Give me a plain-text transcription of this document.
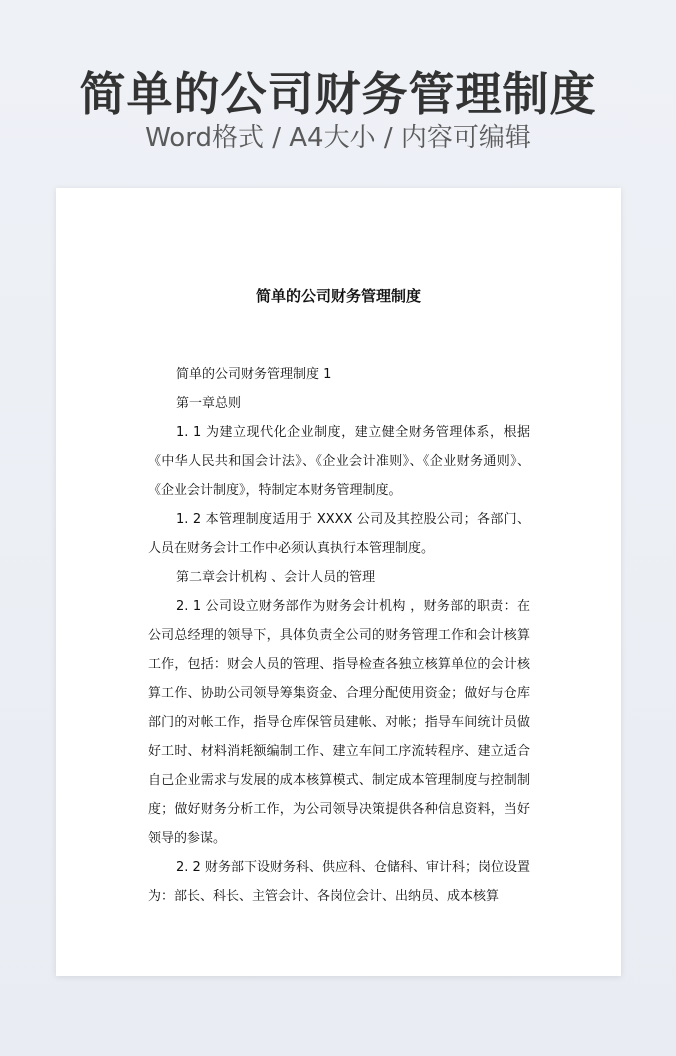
简单的公司财务管理制度
Word格式 / A4大小 / 内容可编辑
简单的公司财务管理制度

简单的公司财务管理制度 1

第一章总则

1. 1 为建立现代化企业制度，建立健全财务管理体系，根据《中华人民共和国会计法》、《企业会计准则》、《企业财务通则》、《企业会计制度》，特制定本财务管理制度。

1. 2 本管理制度适用于 XXXX 公司及其控股公司；各部门、人员在财务会计工作中必须认真执行本管理制度。

第二章会计机构 、会计人员的管理

2. 1 公司设立财务部作为财务会计机构 ，财务部的职责：在公司总经理的领导下，具体负责全公司的财务管理工作和会计核算工作，包括：财会人员的管理、指导检查各独立核算单位的会计核算工作、协助公司领导筹集资金、合理分配使用资金；做好与仓库部门的对帐工作，指导仓库保管员建帐、对帐；指导车间统计员做好工时、材料消耗额编制工作、建立车间工序流转程序、建立适合自己企业需求与发展的成本核算模式、制定成本管理制度与控制制度；做好财务分析工作，为公司领导决策提供各种信息资料，当好领导的参谋。

2. 2 财务部下设财务科、供应科、仓储科、审计科；岗位设置为：部长、科长、主管会计、各岗位会计、出纳员、成本核算
